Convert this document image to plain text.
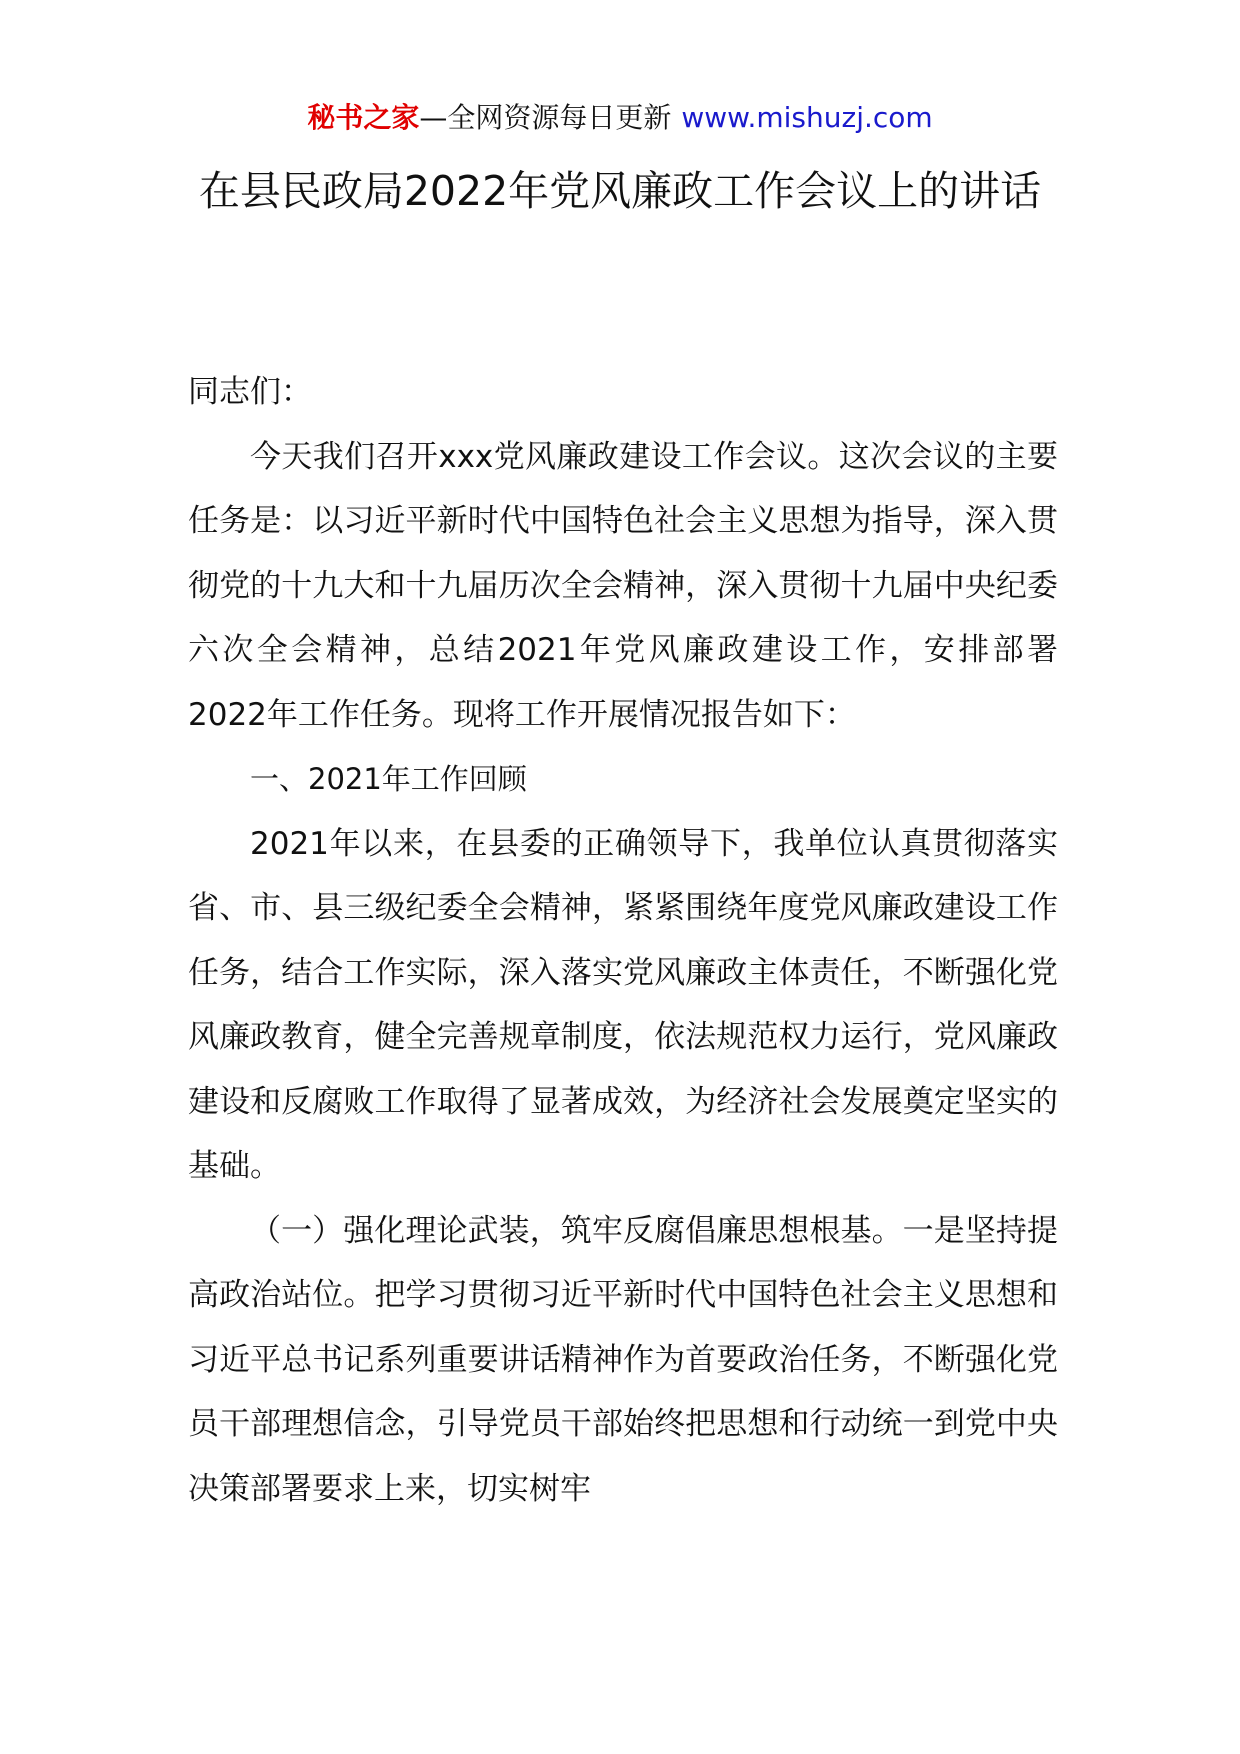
秘书之家—全网资源每日更新 www.mishuzj.com
在县民政局2022年党风廉政工作会议上的讲话

同志们：

今天我们召开xxx党风廉政建设工作会议。这次会议的主要任务是：以习近平新时代中国特色社会主义思想为指导，深入贯彻党的十九大和十九届历次全会精神，深入贯彻十九届中央纪委六次全会精神，总结2021年党风廉政建设工作，安排部署2022年工作任务。现将工作开展情况报告如下：

一、2021年工作回顾

2021年以来，在县委的正确领导下，我单位认真贯彻落实省、市、县三级纪委全会精神，紧紧围绕年度党风廉政建设工作任务，结合工作实际，深入落实党风廉政主体责任，不断强化党风廉政教育，健全完善规章制度，依法规范权力运行，党风廉政建设和反腐败工作取得了显著成效，为经济社会发展奠定坚实的基础。

（一）强化理论武装，筑牢反腐倡廉思想根基。一是坚持提高政治站位。把学习贯彻习近平新时代中国特色社会主义思想和习近平总书记系列重要讲话精神作为首要政治任务，不断强化党员干部理想信念，引导党员干部始终把思想和行动统一到党中央决策部署要求上来，切实树牢
